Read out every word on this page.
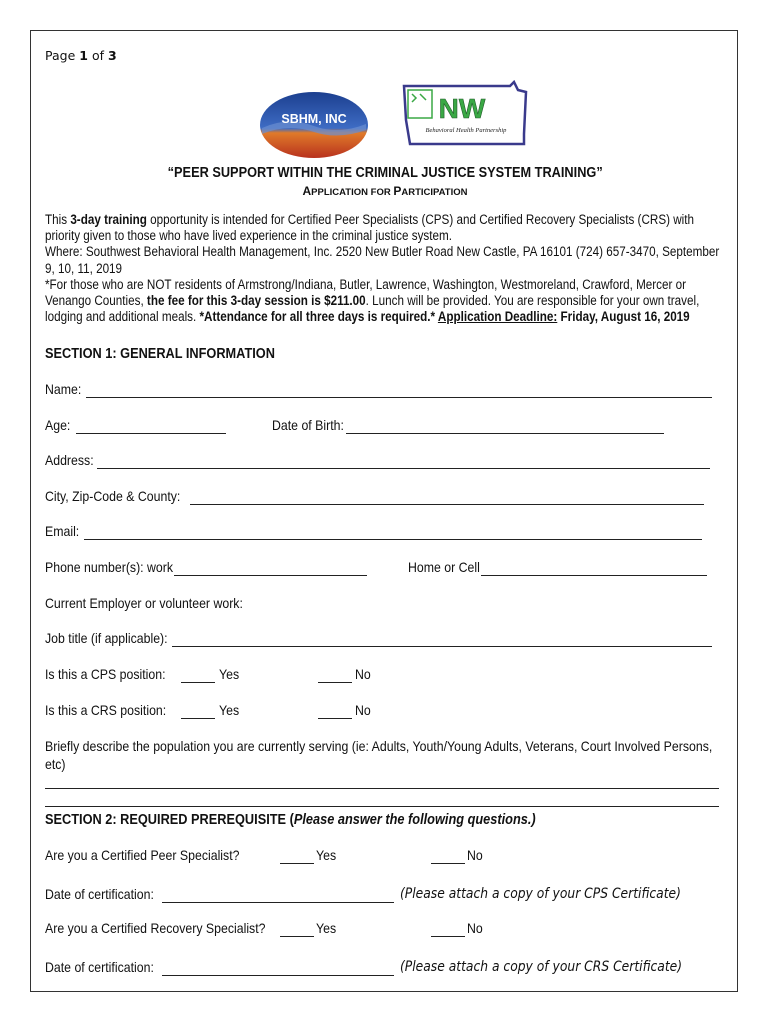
Page 1 of 3
SBHM, INC	NW
Behavioral Health Partnership
“PEER SUPPORT WITHIN THE CRIMINAL JUSTICE SYSTEM TRAINING”
APPLICATION FOR PARTICIPATION

This 3-day training opportunity is intended for Certified Peer Specialists (CPS) and Certified Recovery Specialists (CRS) with priority given to those who have lived experience in the criminal justice system.

Where: Southwest Behavioral Health Management, Inc. 2520 New Butler Road New Castle, PA 16101 (724) 657-3470, September 9, 10, 11, 2019

*For those who are NOT residents of Armstrong/Indiana, Butler, Lawrence, Washington, Westmoreland, Crawford, Mercer or Venango Counties, the fee for this 3-day session is $211.00. Lunch will be provided. You are responsible for your own travel, lodging and additional meals. *Attendance for all three days is required.* Application Deadline: Friday, August 16, 2019

SECTION 1: GENERAL INFORMATION
Name:
Age:	Date of Birth:
Address:
City, Zip-Code & County:
Email:
Phone number(s): work	Home or Cell
Current Employer or volunteer work:
Job title (if applicable):
Is this a CPS position:	Yes	No
Is this a CRS position:	Yes	No
Briefly describe the population you are currently serving (ie: Adults, Youth/Young Adults, Veterans, Court Involved Persons,
etc)
SECTION 2: REQUIRED PREREQUISITE (Please answer the following questions.)
Are you a Certified Peer Specialist?	Yes	No
Date of certification:	(Please attach a copy of your CPS Certificate)
Are you a Certified Recovery Specialist?	Yes	No
Date of certification:	(Please attach a copy of your CRS Certificate)
